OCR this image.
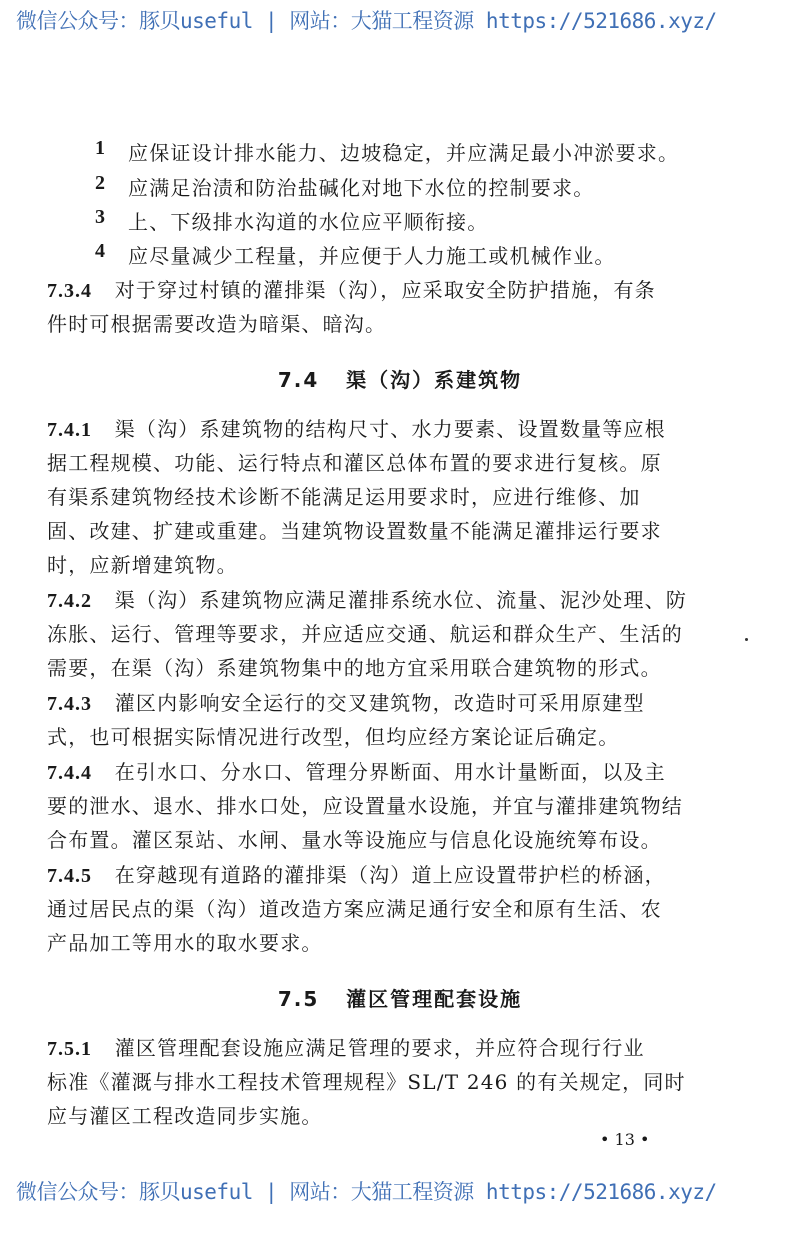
微信公众号：豚贝useful | 网站：大猫工程资源 https://521686.xyz/
1 应保证设计排水能力、边坡稳定，并应满足最小冲淤要求。
2 应满足治渍和防治盐碱化对地下水位的控制要求。
3 上、下级排水沟道的水位应平顺衔接。
4 应尽量减少工程量，并应便于人力施工或机械作业。
7.3.4 对于穿过村镇的灌排渠（沟），应采取安全防护措施，有条
件时可根据需要改造为暗渠、暗沟。
7.4 渠（沟）系建筑物
7.4.1 渠（沟）系建筑物的结构尺寸、水力要素、设置数量等应根
据工程规模、功能、运行特点和灌区总体布置的要求进行复核。原
有渠系建筑物经技术诊断不能满足运用要求时，应进行维修、加
固、改建、扩建或重建。当建筑物设置数量不能满足灌排运行要求
时，应新增建筑物。
7.4.2 渠（沟）系建筑物应满足灌排系统水位、流量、泥沙处理、防
冻胀、运行、管理等要求，并应适应交通、航运和群众生产、生活的
需要，在渠（沟）系建筑物集中的地方宜采用联合建筑物的形式。
7.4.3 灌区内影响安全运行的交叉建筑物，改造时可采用原建型
式，也可根据实际情况进行改型，但均应经方案论证后确定。
7.4.4 在引水口、分水口、管理分界断面、用水计量断面，以及主
要的泄水、退水、排水口处，应设置量水设施，并宜与灌排建筑物结
合布置。灌区泵站、水闸、量水等设施应与信息化设施统筹布设。
7.4.5 在穿越现有道路的灌排渠（沟）道上应设置带护栏的桥涵，
通过居民点的渠（沟）道改造方案应满足通行安全和原有生活、农
产品加工等用水的取水要求。
7.5 灌区管理配套设施
7.5.1 灌区管理配套设施应满足管理的要求，并应符合现行行业
标准《灌溉与排水工程技术管理规程》SL/T 246 的有关规定，同时
应与灌区工程改造同步实施。
• 13 •
微信公众号：豚贝useful | 网站：大猫工程资源 https://521686.xyz/
